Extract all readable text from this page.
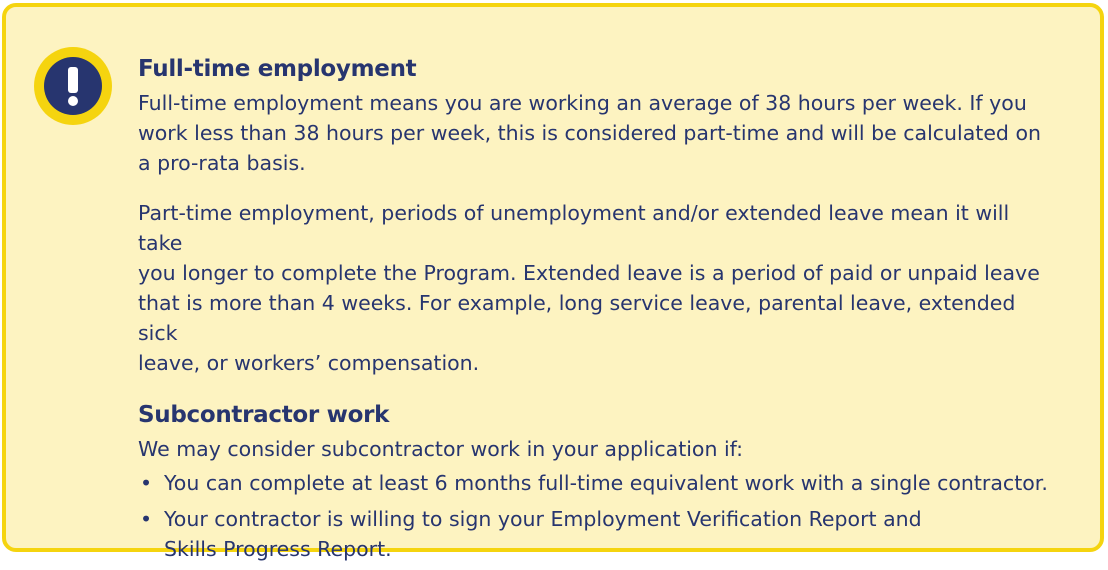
Full-time employment

Full-time employment means you are working an average of 38 hours per week. If you
work less than 38 hours per week, this is considered part-time and will be calculated on
a pro-rata basis.

Part-time employment, periods of unemployment and/or extended leave mean it will take
you longer to complete the Program. Extended leave is a period of paid or unpaid leave
that is more than 4 weeks. For example, long service leave, parental leave, extended sick
leave, or workers’ compensation.

Subcontractor work

We may consider subcontractor work in your application if:

• You can complete at least 6 months full-time equivalent work with a single contractor.
• Your contractor is willing to sign your Employment Verification Report and
Skills Progress Report.
